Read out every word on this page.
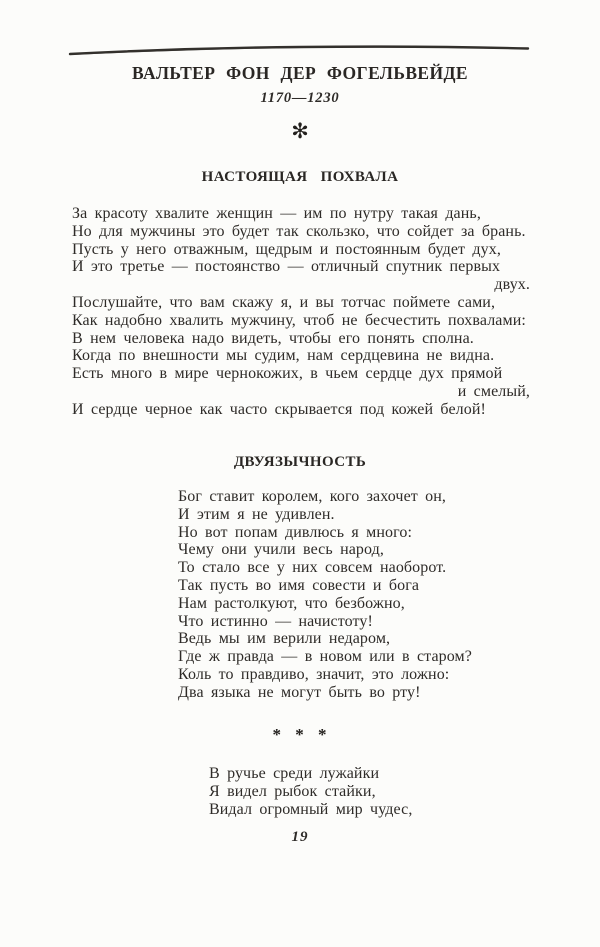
ВАЛЬТЕР ФОН ДЕР ФОГЕЛЬВЕЙДЕ
1170—1230
✻
НАСТОЯЩАЯ ПОХВАЛА
За красоту хвалите женщин — им по нутру такая дань,
Но для мужчины это будет так скользко, что сойдет за брань.
Пусть у него отважным, щедрым и постоянным будет дух,
И это третье — постоянство — отличный спутник первых
двух.
Послушайте, что вам скажу я, и вы тотчас поймете сами,
Как надобно хвалить мужчину, чтоб не бесчестить похвалами:
В нем человека надо видеть, чтобы его понять сполна.
Когда по внешности мы судим, нам сердцевина не видна.
Есть много в мире чернокожих, в чьем сердце дух прямой
и смелый,
И сердце черное как часто скрывается под кожей белой!
ДВУЯЗЫЧНОСТЬ
Бог ставит королем, кого захочет он,
И этим я не удивлен.
Но вот попам дивлюсь я много:
Чему они учили весь народ,
То стало все у них совсем наоборот.
Так пусть во имя совести и бога
Нам растолкуют, что безбожно,
Что истинно — начистоту!
Ведь мы им верили недаром,
Где ж правда — в новом или в старом?
Коль то правдиво, значит, это ложно:
Два языка не могут быть во рту!
* * *
В ручье среди лужайки
Я видел рыбок стайки,
Видал огромный мир чудес,
19
